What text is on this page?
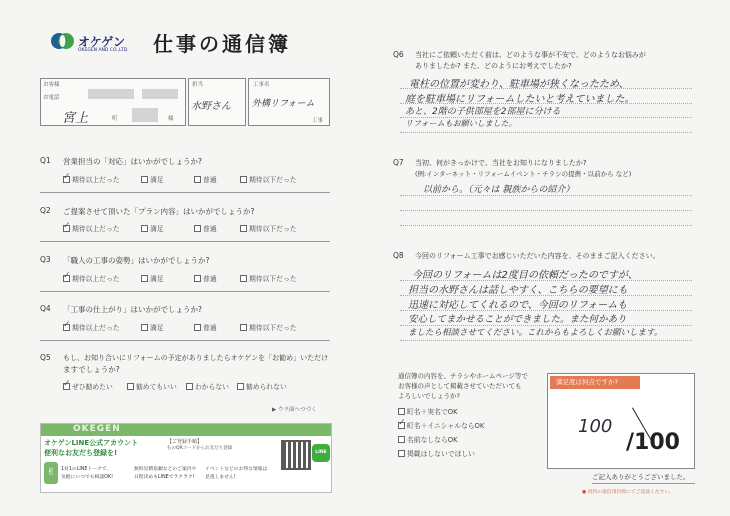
オケゲン
OKEGEN AND CO.,LTD. 仕事の通信簿
お客様
お電話
宮上	町	様
担当
水野さん
工事名
外構リフォーム
工事
Q1 営業担当の「対応」はいかがでしょうか?
✓期待以上だった	満足	普通	期待以下だった
Q2 ご提案させて頂いた「プラン内容」はいかがでしょうか?
✓期待以上だった	満足	普通	期待以下だった
Q3 「職人の工事の姿勢」はいかがでしょうか?
✓期待以上だった	満足	普通	期待以下だった
Q4 「工事の仕上がり」はいかがでしょうか?
✓期待以上だった	満足	普通	期待以下だった
Q5 もし、お知り合いにリフォームの予定がありましたらオケゲンを「お勧め」いただけ
ますでしょうか?
✓ぜひ勧めたい	勧めてもいい	わからない	勧められない
▶ ウラ面へつづく
OKEGEN
オケゲンLINE公式アカウント
便利なお友だち登録を!
【ご登録手順】
右のQRコードからお友だち登録
✌	1対1のLINEトークで、
気軽にいつでも相談OK!
無料見積依頼などのご案内や
日程決めもLINEでラクラク!
イベントなどのお得な情報は
見逃しません!
LINE
Q6 当社にご依頼いただく前は、どのような事が不安で、どのようなお悩みが
ありましたか? また、どのようにお考えでしたか?
電柱の位置が変わり、駐車場が狭くなったため、
庭を駐車場にリフォームしたいと考えていました。
あと、2階の子供部屋を2部屋に分ける
リフォームもお願いしました。
Q7 当初、何がきっかけで、当社をお知りになりましたか?
(例:インターネット・リフォームイベント・チラシの提携・以前から など)
以前から。（元々は 親族からの紹介）
Q8 今回のリフォーム工事でお感じいただいた内容を、そのままご記入ください。
今回のリフォームは2度目の依頼だったのですが、
担当の水野さんは話しやすく、こちらの要望にも
迅速に対応してくれるので、今回のリフォームも
安心してまかせることができました。また何かあり
ましたら相談させてください。これからもよろしくお願いします。
通信簿の内容を、チラシやホームページ等で
お客様の声として掲載させていただいても
よろしいでしょうか?
町名＋実名でOK
✓町名＋イニシャルならOK
名前なしならOK
掲載はしないでほしい
満足度は何点ですか?
100
/100
ご記入ありがとうございました。
● 同封の返信用封筒にてご返送ください。
